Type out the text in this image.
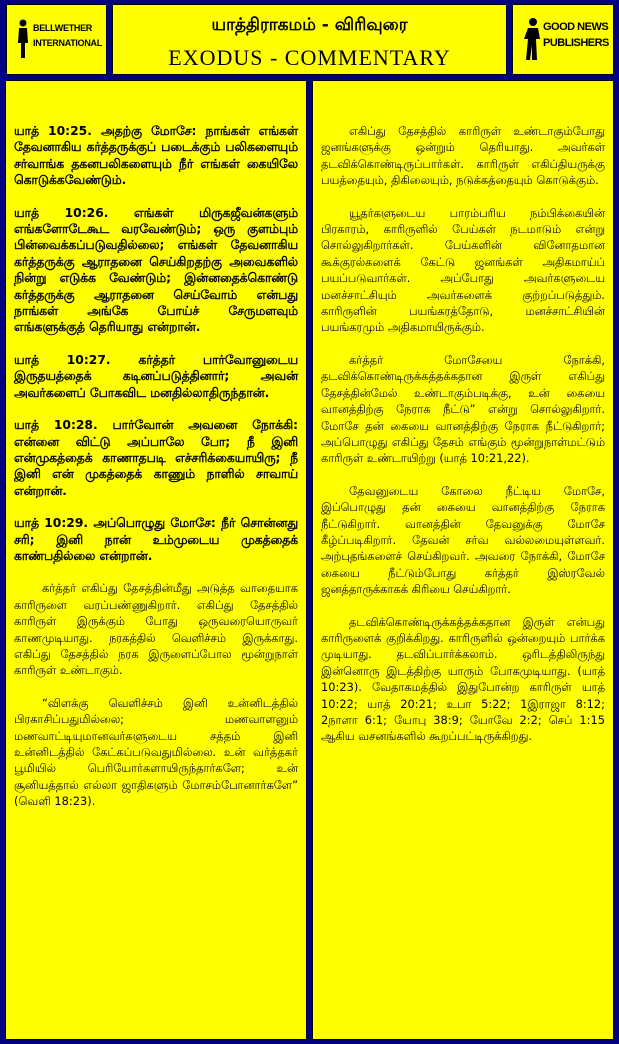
BELLWETHER
INTERNATIONAL
யாத்திராகமம் - விரிவுரை
EXODUS - COMMENTARY
GOOD NEWS
PUBLISHERS

யாத் 10:25. அதற்கு மோசே: நாங்கள் எங்கள் தேவனாகிய கர்த்தருக்குப் படைக்கும் பலிகளையும் சர்வாங்க தகனபலிகளையும் நீர் எங்கள் கையிலே கொடுக்கவேண்டும்.

யாத் 10:26. எங்கள் மிருகஜீவன்களும் எங்களோடேகூட வரவேண்டும்; ஒரு குளம்பும் பின்வைக்கப்படுவதில்லை; எங்கள் தேவனாகிய கர்த்தருக்கு ஆராதனை செய்கிறதற்கு அவைகளில் நின்று எடுக்க வேண்டும்; இன்னதைக்கொண்டு கர்த்தருக்கு ஆராதனை செய்வோம் என்பது நாங்கள் அங்கே போய்ச் சேருமளவும் எங்களுக்குத் தெரியாது என்றான்.

யாத் 10:27. கர்த்தர் பார்வோனுடைய இருதயத்தைக் கடினப்படுத்தினார்; அவன் அவர்களைப் போகவிட மனதில்லாதிருந்தான்.

யாத் 10:28. பார்வோன் அவனை நோக்கி: என்னை விட்டு அப்பாலே போ; நீ இனி என்முகத்தைக் காணாதபடி எச்சரிக்கையாயிரு; நீ இனி என் முகத்தைக் காணும் நாளில் சாவாய் என்றான்.

யாத் 10:29. அப்பொழுது மோசே: நீர் சொன்னது சரி; இனி நான் உம்முடைய முகத்தைக் காண்பதில்லை என்றான்.

கர்த்தர் எகிப்து தேசத்தின்மீது அடுத்த வாதையாக காரிருளை வரப்பண்ணுகிறார். எகிப்து தேசத்தில் காரிருள் இருக்கும் போது ஒருவரையொருவர் காணமுடியாது. நரகத்தில் வெளிச்சம் இருக்காது. எகிப்து தேசத்தில் நரக இருளைப்போல மூன்றுநாள் காரிருள் உண்டாகும்.

“விளக்கு வெளிச்சம் இனி உன்னிடத்தில் பிரகாசிப்பதுமில்லை; மணவாளனும் மணவாட்டியுமானவர்களுடைய சத்தம் இனி உன்னிடத்தில் கேட்கப்படுவதுமில்லை. உன் வர்த்தகர் பூமியில் பெரியோர்களாயிருந்தார்களே; உன் சூனியத்தால் எல்லா ஜாதிகளும் மோசம்போனார்களே” (வெளி 18:23).

எகிப்து தேசத்தில் காரிருள் உண்டாகும்போது ஜனங்களுக்கு ஒன்றும் தெரியாது. அவர்கள் தடவிக்கொண்டிருப்பார்கள். காரிருள் எகிப்தியருக்கு பயத்தையும், திகிலையும், நடுக்கத்தையும் கொடுக்கும்.

யூதர்களுடைய பாரம்பரிய நம்பிக்கையின் பிரகாரம், காரிருளில் பேய்கள் நடமாடும் என்று சொல்லுகிறார்கள். பேய்களின் வினோதமான கூக்குரல்களைக் கேட்டு ஜனங்கள் அதிகமாய்ப் பயப்படுவார்கள். அப்போது அவர்களுடைய மனச்சாட்சியும் அவர்களைக் குற்றப்படுத்தும். காரிருளின் பயங்கரத்தோடு, மனச்சாட்சியின் பயங்கரமும் அதிகமாயிருக்கும்.

கர்த்தர் மோசேயை நோக்கி, தடவிக்கொண்டிருக்கத்தக்கதான இருள் எகிப்து தேசத்தின்மேல் உண்டாகும்படிக்கு, உன் கையை வானத்திற்கு நேராக நீட்டு” என்று சொல்லுகிறார். மோசே தன் கையை வானத்திற்கு நேராக நீட்டுகிறார்; அப்பொழுது எகிப்து தேசம் எங்கும் மூன்றுநாள்மட்டும் காரிருள் உண்டாயிற்று (யாத் 10:21,22).

தேவனுடைய கோலை நீட்டிய மோசே, இப்பொழுது தன் கையை வானத்திற்கு நேராக நீட்டுகிறார். வானத்தின் தேவனுக்கு மோசே கீழ்ப்படிகிறார். தேவன் சர்வ வல்லமையுள்ளவர். அற்புதங்களைச் செய்கிறவர். அவரை நோக்கி, மோசே கையை நீட்டும்போது கர்த்தர் இஸ்ரவேல் ஜனத்தாருக்காகக் கிரியை செய்கிறார்.

தடவிக்கொண்டிருக்கத்தக்கதான இருள் என்பது காரிருளைக் குறிக்கிறது. காரிருளில் ஒன்றையும் பார்க்க முடியாது. தடவிப்பார்க்கலாம். ஒரிடத்திலிருந்து இன்னொரு இடத்திற்கு யாரும் போகமுடியாது. (யாத் 10:23). வேதாகமத்தில் இதுபோன்ற காரிருள் யாத் 10:22; யாத் 20:21; உபா 5:22; 1இராஜா 8:12; 2நாளா 6:1; யோபு 38:9; யோவே 2:2; செப் 1:15 ஆகிய வசனங்களில் கூறப்பட்டிருக்கிறது.
